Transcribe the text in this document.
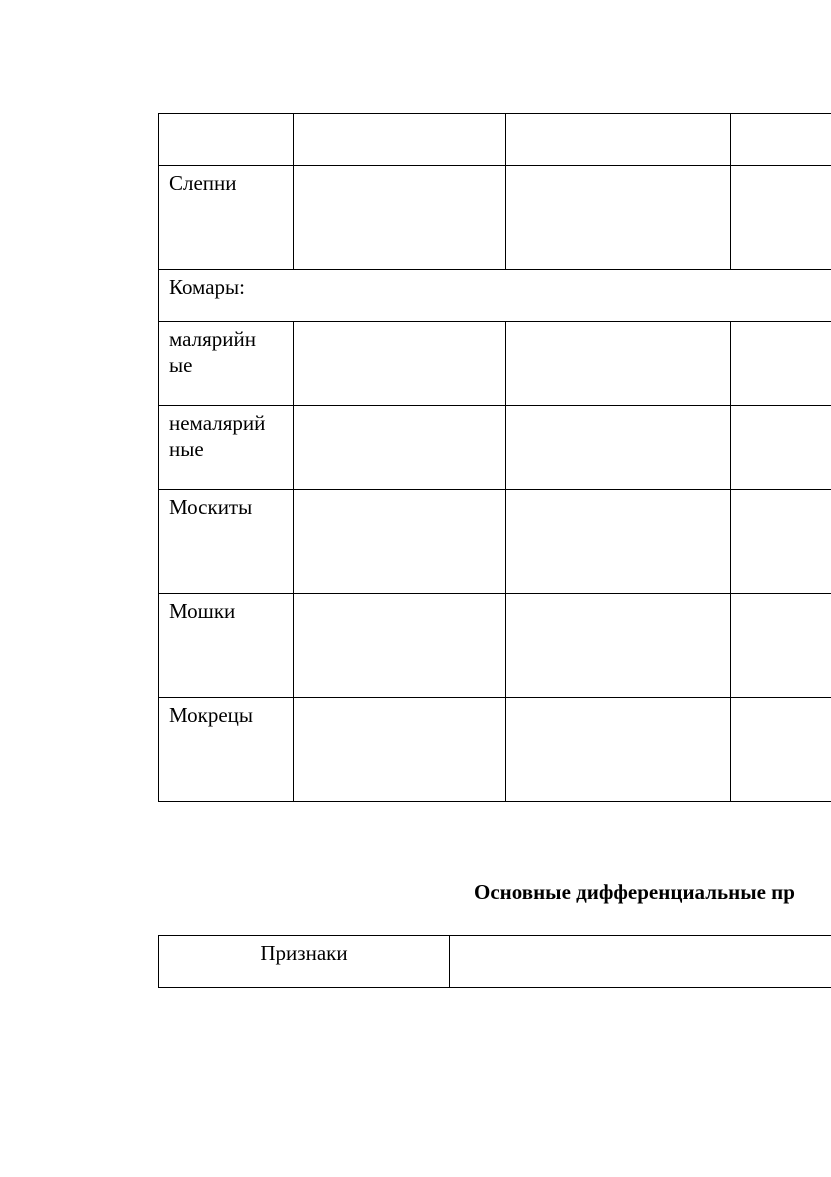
Слепни			
Комары:			
малярийн ые			
немалярий ные			
Москиты			
Мошки			
Мокрецы			
Основные дифференциальные пр
Признаки	
